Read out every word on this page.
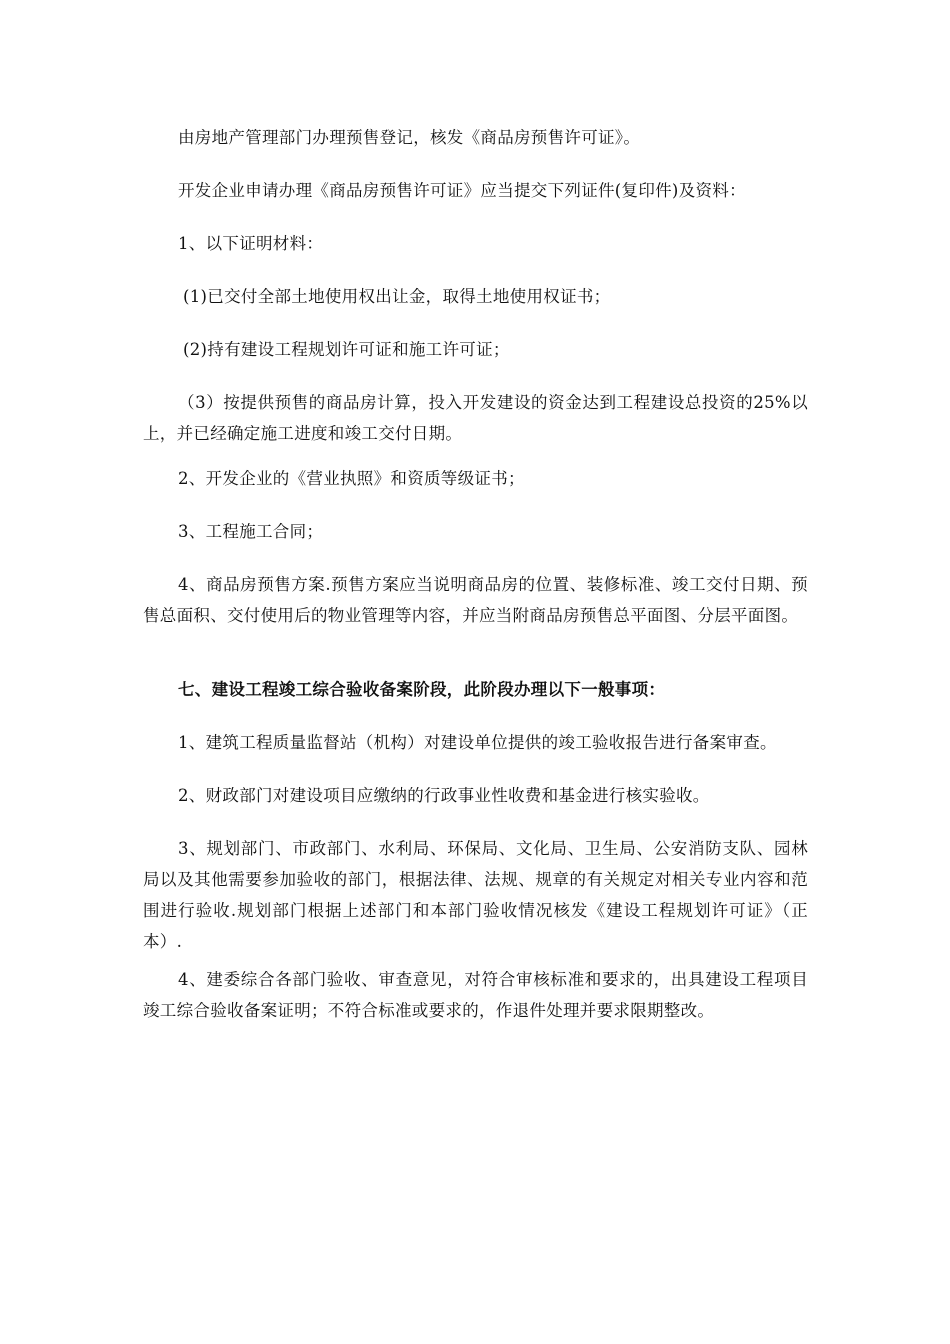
由房地产管理部门办理预售登记，核发《商品房预售许可证》。

开发企业申请办理《商品房预售许可证》应当提交下列证件(复印件)及资料：

1、以下证明材料：

(1)已交付全部土地使用权出让金，取得土地使用权证书；

(2)持有建设工程规划许可证和施工许可证；

（3）按提供预售的商品房计算，投入开发建设的资金达到工程建设总投资的25%以上，并已经确定施工进度和竣工交付日期。

2、开发企业的《营业执照》和资质等级证书；

3、工程施工合同；

4、商品房预售方案.预售方案应当说明商品房的位置、装修标准、竣工交付日期、预售总面积、交付使用后的物业管理等内容，并应当附商品房预售总平面图、分层平面图。

七、建设工程竣工综合验收备案阶段，此阶段办理以下一般事项：

1、建筑工程质量监督站（机构）对建设单位提供的竣工验收报告进行备案审查。

2、财政部门对建设项目应缴纳的行政事业性收费和基金进行核实验收。

3、规划部门、市政部门、水利局、环保局、文化局、卫生局、公安消防支队、园林局以及其他需要参加验收的部门，根据法律、法规、规章的有关规定对相关专业内容和范围进行验收.规划部门根据上述部门和本部门验收情况核发《建设工程规划许可证》（正本）.

4、建委综合各部门验收、审查意见，对符合审核标准和要求的，出具建设工程项目竣工综合验收备案证明；不符合标准或要求的，作退件处理并要求限期整改。
